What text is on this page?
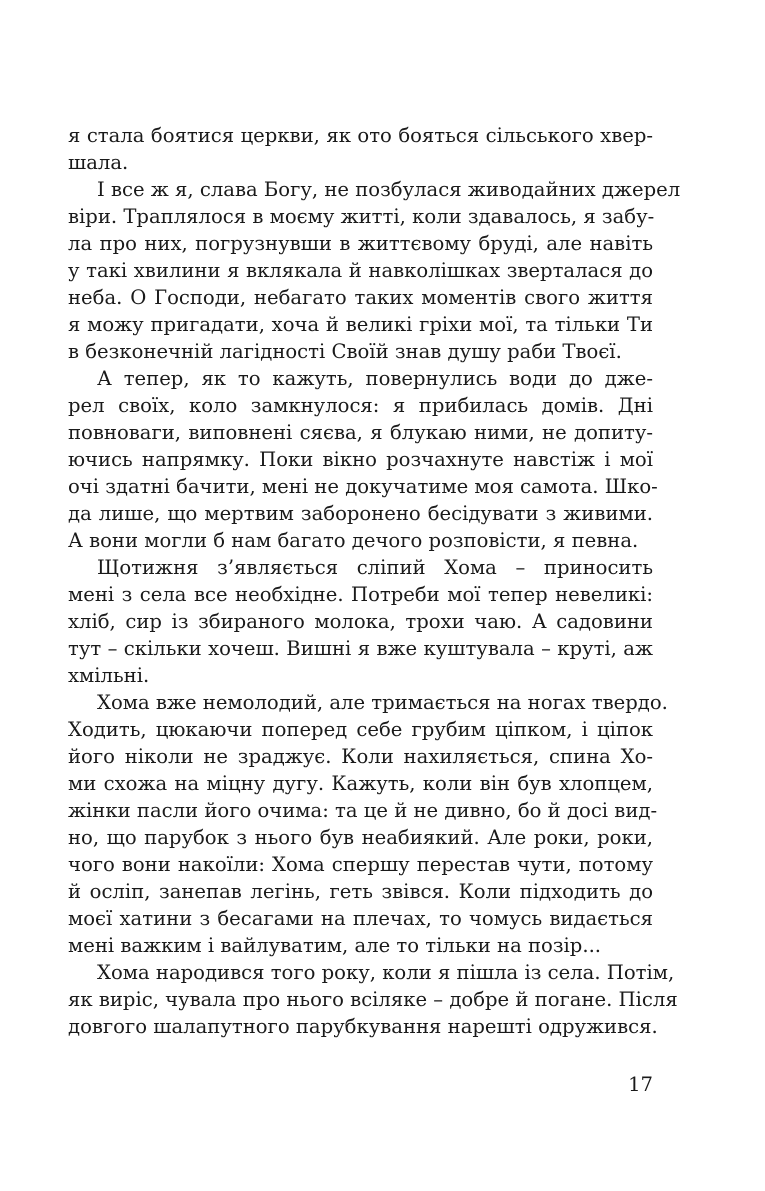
я стала боятися церкви, як ото бояться сільського хвер-
шала.
І все ж я, слава Богу, не позбулася живодайних джерел
віри. Траплялося в моєму житті, коли здавалось, я забу-
ла про них, погрузнувши в життєвому бруді, але навіть
у такі хвилини я вклякала й навколішках зверталася до
неба. О Господи, небагато таких моментів свого життя
я можу пригадати, хоча й великі гріхи мої, та тільки Ти
в безконечній лагідності Своїй знав душу раби Твоєї.
А тепер, як то кажуть, повернулись води до дже-
рел своїх, коло замкнулося: я прибилась домів. Дні
повноваги, виповнені сяєва, я блукаю ними, не допиту-
ючись напрямку. Поки вікно розчахнуте навстіж і мої
очі здатні бачити, мені не докучатиме моя самота. Шко-
да лише, що мертвим заборонено бесідувати з живими.
А вони могли б нам багато дечого розповісти, я певна.
Щотижня з’являється сліпий Хома – приносить
мені з села все необхідне. Потреби мої тепер невеликі:
хліб, сир із збираного молока, трохи чаю. А садовини
тут – скільки хочеш. Вишні я вже куштувала – круті, аж
хмільні.
Хома вже немолодий, але тримається на ногах твердо.
Ходить, цюкаючи поперед себе грубим ціпком, і ціпок
його ніколи не зраджує. Коли нахиляється, спина Хо-
ми схожа на міцну дугу. Кажуть, коли він був хлопцем,
жінки пасли його очима: та це й не дивно, бо й досі вид-
но, що парубок з нього був неабиякий. Але роки, роки,
чого вони накоїли: Хома спершу перестав чути, потому
й осліп, занепав легінь, геть звівся. Коли підходить до
моєї хатини з бесагами на плечах, то чомусь видається
мені важким і вайлуватим, але то тільки на позір...
Хома народився того року, коли я пішла із села. Потім,
як виріс, чувала про нього всіляке – добре й погане. Після
довгого шалапутного парубкування нарешті одружився.
17
